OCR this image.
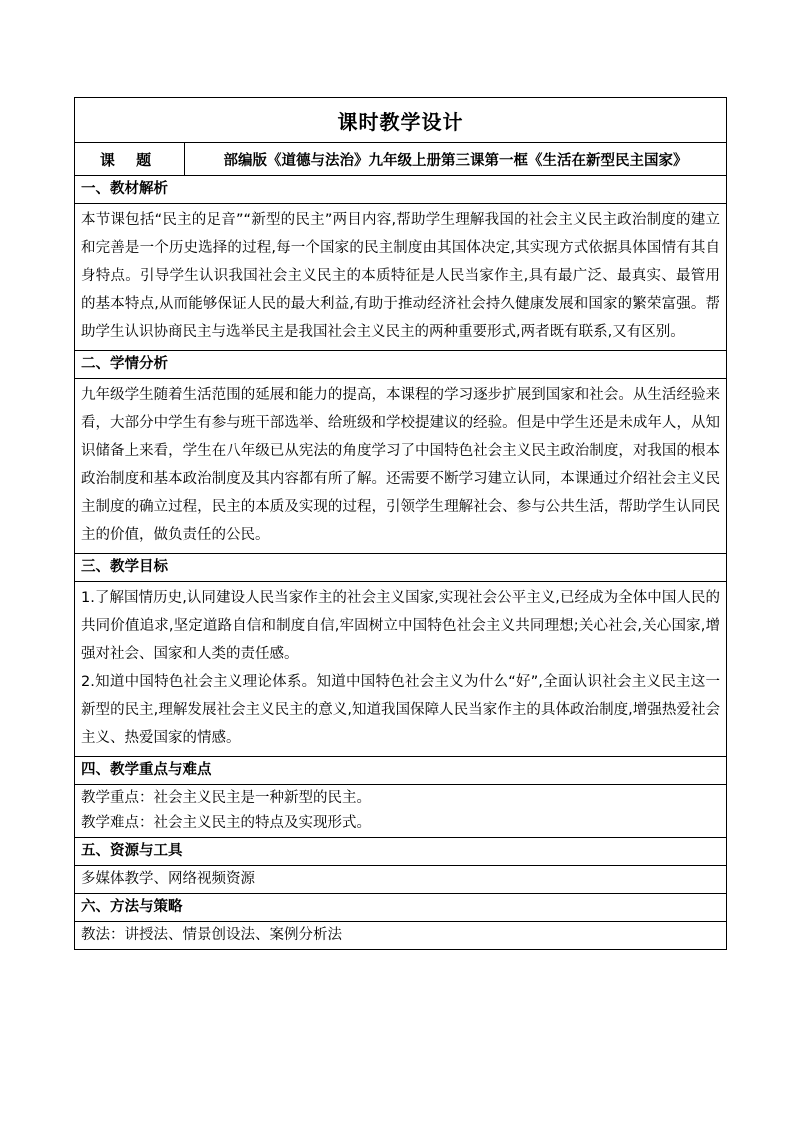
课时教学设计
课 题	部编版《道德与法治》九年级上册第三课第一框《生活在新型民主国家》
一、教材解析

本节课包括“民主的足音”“新型的民主”两目内容,帮助学生理解我国的社会主义民主政治制度的建立和完善是一个历史选择的过程,每一个国家的民主制度由其国体决定,其实现方式依据具体国情有其自身特点。引导学生认识我国社会主义民主的本质特征是人民当家作主,具有最广泛、最真实、最管用的基本特点,从而能够保证人民的最大利益,有助于推动经济社会持久健康发展和国家的繁荣富强。帮助学生认识协商民主与选举民主是我国社会主义民主的两种重要形式,两者既有联系,又有区别。

二、学情分析

九年级学生随着生活范围的延展和能力的提高，本课程的学习逐步扩展到国家和社会。从生活经验来看，大部分中学生有参与班干部选举、给班级和学校提建议的经验。但是中学生还是未成年人，从知识储备上来看，学生在八年级已从宪法的角度学习了中国特色社会主义民主政治制度，对我国的根本政治制度和基本政治制度及其内容都有所了解。还需要不断学习建立认同，本课通过介绍社会主义民主制度的确立过程，民主的本质及实现的过程，引领学生理解社会、参与公共生活，帮助学生认同民主的价值，做负责任的公民。

三、教学目标

1.了解国情历史,认同建设人民当家作主的社会主义国家,实现社会公平主义,已经成为全体中国人民的共同价值追求,坚定道路自信和制度自信,牢固树立中国特色社会主义共同理想;关心社会,关心国家,增强对社会、国家和人类的责任感。

2.知道中国特色社会主义理论体系。知道中国特色社会主义为什么“好”,全面认识社会主义民主这一新型的民主,理解发展社会主义民主的意义,知道我国保障人民当家作主的具体政治制度,增强热爱社会主义、热爱国家的情感。

四、教学重点与难点

教学重点：社会主义民主是一种新型的民主。

教学难点：社会主义民主的特点及实现形式。

五、资源与工具

多媒体教学、网络视频资源

六、方法与策略

教法：讲授法、情景创设法、案例分析法
